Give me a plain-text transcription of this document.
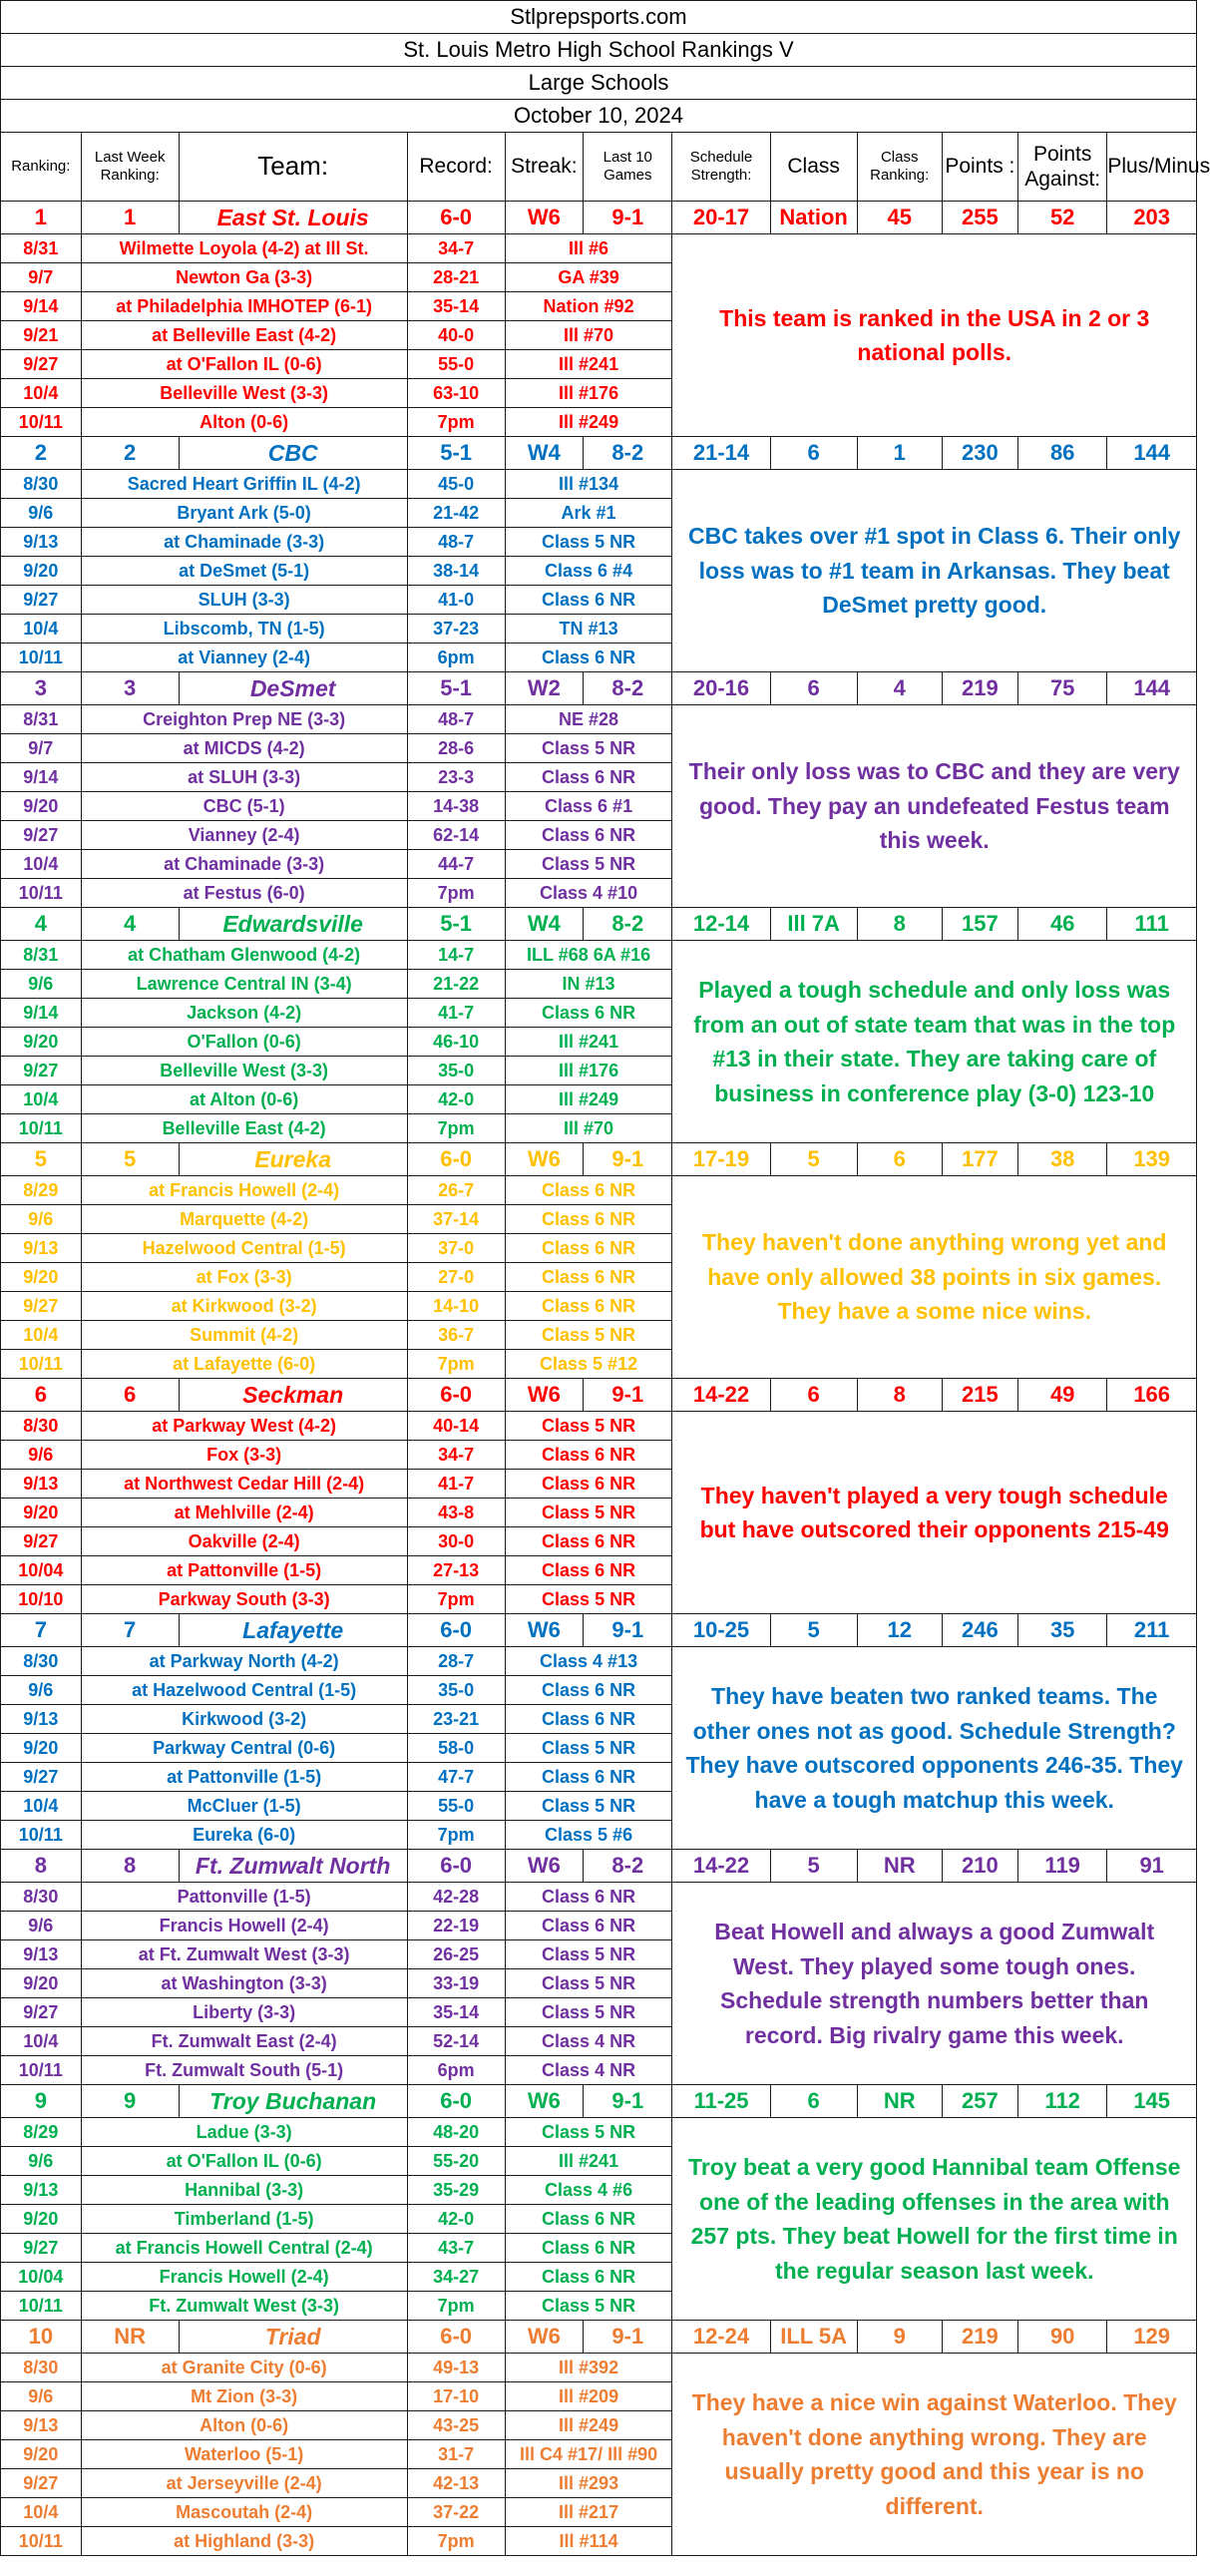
Stlprepsports.com											
St. Louis Metro High School Rankings V											
Large Schools											
October 10, 2024											
Ranking:	Last Week Ranking:	Team:	Record:	Streak:	Last 10 Games	Schedule Strength:	Class	Class Ranking:	Points :	Points Against:	Plus/Minus
1	1	East St. Louis	6-0	W6	9-1	20-17	Nation	45	255	52	203
8/31	Wilmette Loyola (4-2) at Ill St.		34-7	Ill #6		This team is ranked in the USA in 2 or 3 national polls.					
9/7	Newton Ga (3-3)		28-21	GA #39							
9/14	at Philadelphia IMHOTEP (6-1)		35-14	Nation #92							
9/21	at Belleville East (4-2)		40-0	Ill #70							
9/27	at O'Fallon IL (0-6)		55-0	Ill #241							
10/4	Belleville West (3-3)		63-10	Ill #176							
10/11	Alton (0-6)		7pm	Ill #249							
2	2	CBC	5-1	W4	8-2	21-14	6	1	230	86	144
8/30	Sacred Heart Griffin IL (4-2)		45-0	Ill #134		CBC takes over #1 spot in Class 6. Their only loss was to #1 team in Arkansas. They beat DeSmet pretty good.					
9/6	Bryant Ark (5-0)		21-42	Ark #1							
9/13	at Chaminade (3-3)		48-7	Class 5 NR							
9/20	at DeSmet (5-1)		38-14	Class 6 #4							
9/27	SLUH (3-3)		41-0	Class 6 NR							
10/4	Libscomb, TN (1-5)		37-23	TN #13							
10/11	at Vianney (2-4)		6pm	Class 6 NR							
3	3	DeSmet	5-1	W2	8-2	20-16	6	4	219	75	144
8/31	Creighton Prep NE (3-3)		48-7	NE #28		Their only loss was to CBC and they are very good. They pay an undefeated Festus team this week.					
9/7	at MICDS (4-2)		28-6	Class 5 NR							
9/14	at SLUH (3-3)		23-3	Class 6 NR							
9/20	CBC (5-1)		14-38	Class 6 #1							
9/27	Vianney (2-4)		62-14	Class 6 NR							
10/4	at Chaminade (3-3)		44-7	Class 5 NR							
10/11	at Festus (6-0)		7pm	Class 4 #10							
4	4	Edwardsville	5-1	W4	8-2	12-14	Ill 7A	8	157	46	111
8/31	at Chatham Glenwood (4-2)		14-7	ILL #68 6A #16		Played a tough schedule and only loss was from an out of state team that was in the top #13 in their state. They are taking care of business in conference play (3-0) 123-10					
9/6	Lawrence Central IN (3-4)		21-22	IN #13							
9/14	Jackson (4-2)		41-7	Class 6 NR							
9/20	O'Fallon (0-6)		46-10	Ill #241							
9/27	Belleville West (3-3)		35-0	Ill #176							
10/4	at Alton (0-6)		42-0	Ill #249							
10/11	Belleville East (4-2)		7pm	Ill #70							
5	5	Eureka	6-0	W6	9-1	17-19	5	6	177	38	139
8/29	at Francis Howell (2-4)		26-7	Class 6 NR		They haven't done anything wrong yet and have only allowed 38 points in six games. They have a some nice wins.					
9/6	Marquette (4-2)		37-14	Class 6 NR							
9/13	Hazelwood Central (1-5)		37-0	Class 6 NR							
9/20	at Fox (3-3)		27-0	Class 6 NR							
9/27	at Kirkwood (3-2)		14-10	Class 6 NR							
10/4	Summit (4-2)		36-7	Class 5 NR							
10/11	at Lafayette (6-0)		7pm	Class 5 #12							
6	6	Seckman	6-0	W6	9-1	14-22	6	8	215	49	166
8/30	at Parkway West (4-2)		40-14	Class 5 NR		They haven't played a very tough schedule but have outscored their opponents 215-49					
9/6	Fox (3-3)		34-7	Class 6 NR							
9/13	at Northwest Cedar Hill (2-4)		41-7	Class 6 NR							
9/20	at Mehlville (2-4)		43-8	Class 5 NR							
9/27	Oakville (2-4)		30-0	Class 6 NR							
10/04	at Pattonville (1-5)		27-13	Class 6 NR							
10/10	Parkway South (3-3)		7pm	Class 5 NR							
7	7	Lafayette	6-0	W6	9-1	10-25	5	12	246	35	211
8/30	at Parkway North (4-2)		28-7	Class 4 #13		They have beaten two ranked teams. The other ones not as good. Schedule Strength? They have outscored opponents 246-35. They have a tough matchup this week.					
9/6	at Hazelwood Central (1-5)		35-0	Class 6 NR							
9/13	Kirkwood (3-2)		23-21	Class 6 NR							
9/20	Parkway Central (0-6)		58-0	Class 5 NR							
9/27	at Pattonville (1-5)		47-7	Class 6 NR							
10/4	McCluer (1-5)		55-0	Class 5 NR							
10/11	Eureka (6-0)		7pm	Class 5 #6							
8	8	Ft. Zumwalt North	6-0	W6	8-2	14-22	5	NR	210	119	91
8/30	Pattonville (1-5)		42-28	Class 6 NR		Beat Howell and always a good Zumwalt West. They played some tough ones. Schedule strength numbers better than record. Big rivalry game this week.					
9/6	Francis Howell (2-4)		22-19	Class 6 NR							
9/13	at Ft. Zumwalt West (3-3)		26-25	Class 5 NR							
9/20	at Washington (3-3)		33-19	Class 5 NR							
9/27	Liberty (3-3)		35-14	Class 5 NR							
10/4	Ft. Zumwalt East (2-4)		52-14	Class 4 NR							
10/11	Ft. Zumwalt South (5-1)		6pm	Class 4 NR							
9	9	Troy Buchanan	6-0	W6	9-1	11-25	6	NR	257	112	145
8/29	Ladue (3-3)		48-20	Class 5 NR		Troy beat a very good Hannibal team Offense one of the leading offenses in the area with 257 pts. They beat Howell for the first time in the regular season last week.					
9/6	at O'Fallon IL (0-6)		55-20	Ill #241							
9/13	Hannibal (3-3)		35-29	Class 4 #6							
9/20	Timberland (1-5)		42-0	Class 6 NR							
9/27	at Francis Howell Central (2-4)		43-7	Class 6 NR							
10/04	Francis Howell (2-4)		34-27	Class 6 NR							
10/11	Ft. Zumwalt West (3-3)		7pm	Class 5 NR							
10	NR	Triad	6-0	W6	9-1	12-24	ILL 5A	9	219	90	129
8/30	at Granite City (0-6)		49-13	Ill #392		They have a nice win against Waterloo. They haven't done anything wrong. They are usually pretty good and this year is no different.					
9/6	Mt Zion (3-3)		17-10	Ill #209							
9/13	Alton (0-6)		43-25	Ill #249							
9/20	Waterloo (5-1)		31-7	Ill C4 #17/ Ill #90							
9/27	at Jerseyville (2-4)		42-13	Ill #293							
10/4	Mascoutah (2-4)		37-22	Ill #217							
10/11	at Highland (3-3)		7pm	Ill #114							
